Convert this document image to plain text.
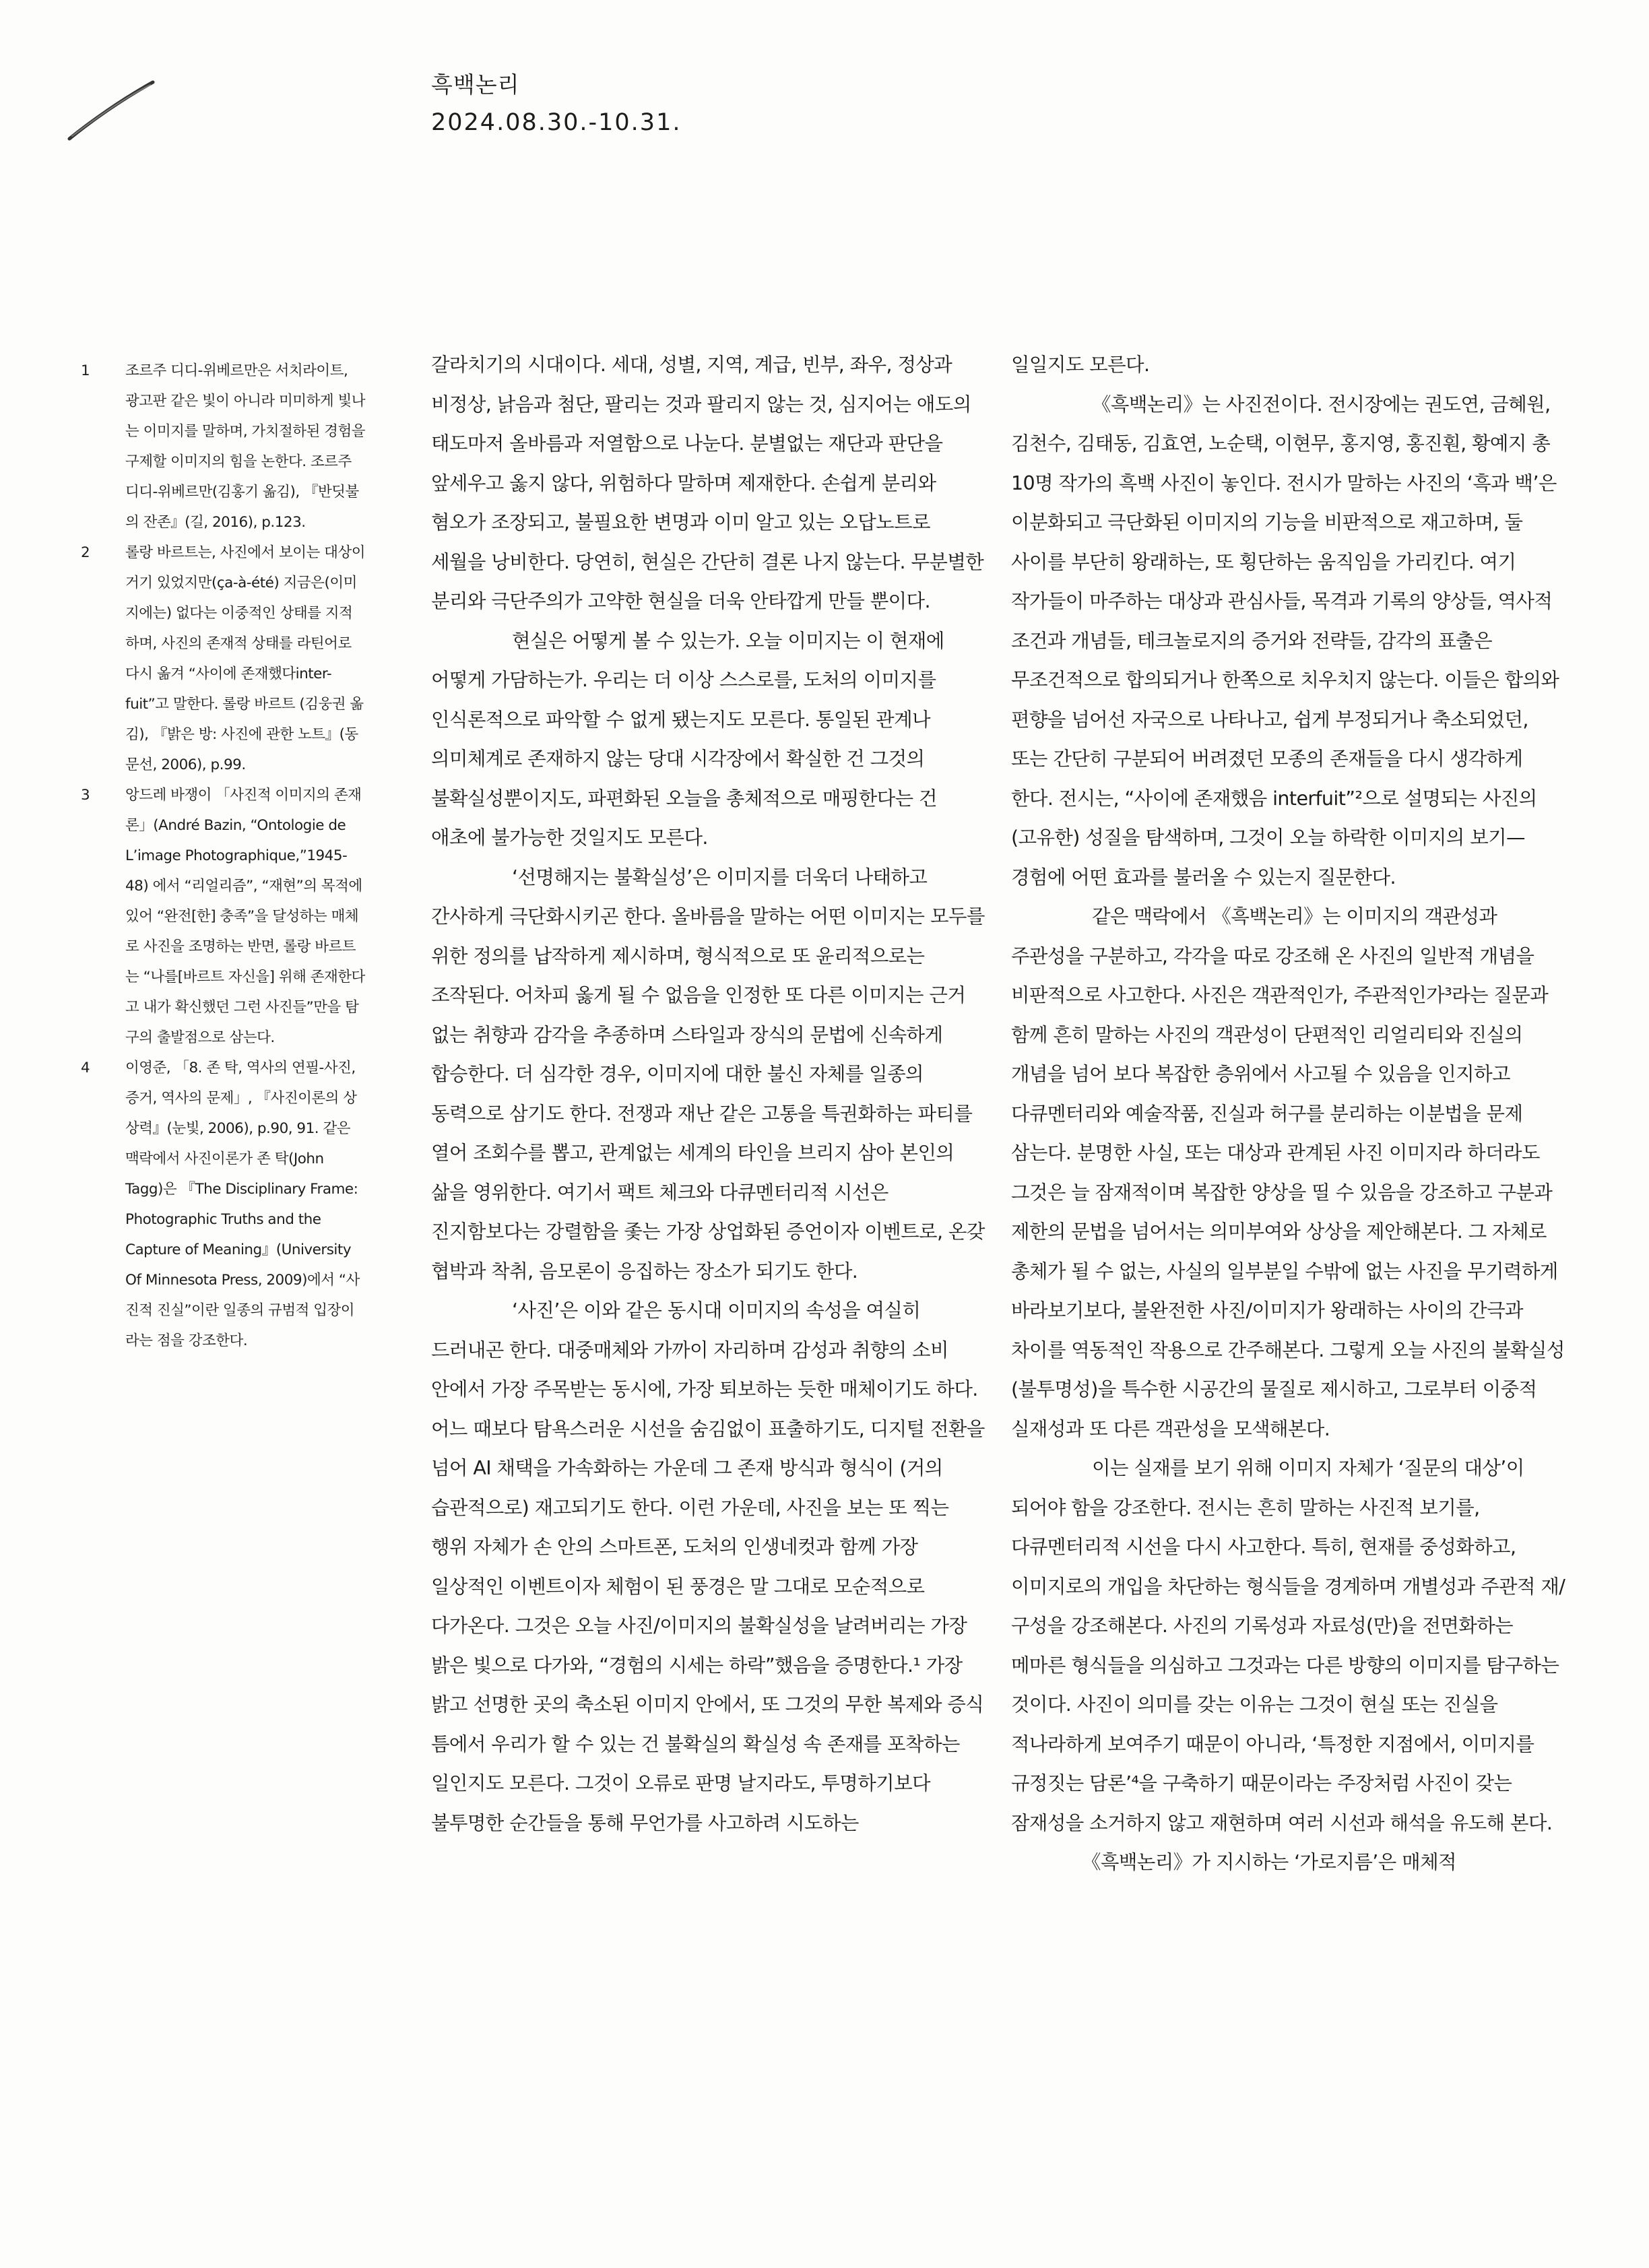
흑백논리
2024.08.30.-10.31.
1	조르주 디디-위베르만은 서치라이트, 광고판 같은 빛이 아니라 미미하게 빛나는 이미지를 말하며, 가치절하된 경험을 구제할 이미지의 힘을 논한다. 조르주 디디-위베르만(김홍기 옮김), 『반딧불의 잔존』(길, 2016), p.123.
2	롤랑 바르트는, 사진에서 보이는 대상이 거기 있었지만(ça-à-été) 지금은(이미지에는) 없다는 이중적인 상태를 지적하며, 사진의 존재적 상태를 라틴어로 다시 옮겨 “사이에 존재했다inter-fuit”고 말한다. 롤랑 바르트 (김웅권 옮김), 『밝은 방: 사진에 관한 노트』(동문선, 2006), p.99.
3	앙드레 바쟁이 「사진적 이미지의 존재론」(André Bazin, “Ontologie de L’image Photographique,”1945-48) 에서 “리얼리즘”, “재현”의 목적에 있어 “완전[한] 충족”을 달성하는 매체로 사진을 조명하는 반면, 롤랑 바르트는 “나를[바르트 자신을] 위해 존재한다고 내가 확신했던 그런 사진들”만을 탐구의 출발점으로 삼는다.
4	이영준, 「8. 존 탁, 역사의 연필-사진, 증거, 역사의 문제」, 『사진이론의 상상력』(눈빛, 2006), p.90, 91. 같은 맥락에서 사진이론가 존 탁(John Tagg)은 『The Disciplinary Frame: Photographic Truths and the Capture of Meaning』(University Of Minnesota Press, 2009)에서 “사진적 진실”이란 일종의 규범적 입장이라는 점을 강조한다.

갈라치기의 시대이다. 세대, 성별, 지역, 계급, 빈부, 좌우, 정상과 비정상, 낡음과 첨단, 팔리는 것과 팔리지 않는 것, 심지어는 애도의 태도마저 올바름과 저열함으로 나눈다. 분별없는 재단과 판단을 앞세우고 옳지 않다, 위험하다 말하며 제재한다. 손쉽게 분리와 혐오가 조장되고, 불필요한 변명과 이미 알고 있는 오답노트로 세월을 낭비한다. 당연히, 현실은 간단히 결론 나지 않는다. 무분별한 분리와 극단주의가 고약한 현실을 더욱 안타깝게 만들 뿐이다.

현실은 어떻게 볼 수 있는가. 오늘 이미지는 이 현재에 어떻게 가담하는가. 우리는 더 이상 스스로를, 도처의 이미지를 인식론적으로 파악할 수 없게 됐는지도 모른다. 통일된 관계나 의미체계로 존재하지 않는 당대 시각장에서 확실한 건 그것의 불확실성뿐이지도, 파편화된 오늘을 총체적으로 매핑한다는 건 애초에 불가능한 것일지도 모른다.

‘선명해지는 불확실성’은 이미지를 더욱더 나태하고 간사하게 극단화시키곤 한다. 올바름을 말하는 어떤 이미지는 모두를 위한 정의를 납작하게 제시하며, 형식적으로 또 윤리적으로는 조작된다. 어차피 옳게 될 수 없음을 인정한 또 다른 이미지는 근거 없는 취향과 감각을 추종하며 스타일과 장식의 문법에 신속하게 합승한다. 더 심각한 경우, 이미지에 대한 불신 자체를 일종의 동력으로 삼기도 한다. 전쟁과 재난 같은 고통을 특권화하는 파티를 열어 조회수를 뽑고, 관계없는 세계의 타인을 브리지 삼아 본인의 삶을 영위한다. 여기서 팩트 체크와 다큐멘터리적 시선은 진지함보다는 강렬함을 좇는 가장 상업화된 증언이자 이벤트로, 온갖 협박과 착취, 음모론이 응집하는 장소가 되기도 한다.

‘사진’은 이와 같은 동시대 이미지의 속성을 여실히 드러내곤 한다. 대중매체와 가까이 자리하며 감성과 취향의 소비 안에서 가장 주목받는 동시에, 가장 퇴보하는 듯한 매체이기도 하다. 어느 때보다 탐욕스러운 시선을 숨김없이 표출하기도, 디지털 전환을 넘어 AI 채택을 가속화하는 가운데 그 존재 방식과 형식이 (거의 습관적으로) 재고되기도 한다. 이런 가운데, 사진을 보는 또 찍는 행위 자체가 손 안의 스마트폰, 도처의 인생네컷과 함께 가장 일상적인 이벤트이자 체험이 된 풍경은 말 그대로 모순적으로 다가온다. 그것은 오늘 사진/이미지의 불확실성을 날려버리는 가장 밝은 빛으로 다가와, “경험의 시세는 하락”했음을 증명한다.¹ 가장 밝고 선명한 곳의 축소된 이미지 안에서, 또 그것의 무한 복제와 증식 틈에서 우리가 할 수 있는 건 불확실의 확실성 속 존재를 포착하는 일인지도 모른다. 그것이 오류로 판명 날지라도, 투명하기보다 불투명한 순간들을 통해 무언가를 사고하려 시도하는

일일지도 모른다.

《흑백논리》는 사진전이다. 전시장에는 권도연, 금혜원, 김천수, 김태동, 김효연, 노순택, 이현무, 홍지영, 홍진훤, 황예지 총 10명 작가의 흑백 사진이 놓인다. 전시가 말하는 사진의 ‘흑과 백’은 이분화되고 극단화된 이미지의 기능을 비판적으로 재고하며, 둘 사이를 부단히 왕래하는, 또 횡단하는 움직임을 가리킨다. 여기 작가들이 마주하는 대상과 관심사들, 목격과 기록의 양상들, 역사적 조건과 개념들, 테크놀로지의 증거와 전략들, 감각의 표출은 무조건적으로 합의되거나 한쪽으로 치우치지 않는다. 이들은 합의와 편향을 넘어선 자국으로 나타나고, 쉽게 부정되거나 축소되었던, 또는 간단히 구분되어 버려졌던 모종의 존재들을 다시 생각하게 한다. 전시는, “사이에 존재했음 interfuit”²으로 설명되는 사진의 (고유한) 성질을 탐색하며, 그것이 오늘 하락한 이미지의 보기—경험에 어떤 효과를 불러올 수 있는지 질문한다.

같은 맥락에서 《흑백논리》는 이미지의 객관성과 주관성을 구분하고, 각각을 따로 강조해 온 사진의 일반적 개념을 비판적으로 사고한다. 사진은 객관적인가, 주관적인가³라는 질문과 함께 흔히 말하는 사진의 객관성이 단편적인 리얼리티와 진실의 개념을 넘어 보다 복잡한 층위에서 사고될 수 있음을 인지하고 다큐멘터리와 예술작품, 진실과 허구를 분리하는 이분법을 문제 삼는다. 분명한 사실, 또는 대상과 관계된 사진 이미지라 하더라도 그것은 늘 잠재적이며 복잡한 양상을 띨 수 있음을 강조하고 구분과 제한의 문법을 넘어서는 의미부여와 상상을 제안해본다. 그 자체로 총체가 될 수 없는, 사실의 일부분일 수밖에 없는 사진을 무기력하게 바라보기보다, 불완전한 사진/이미지가 왕래하는 사이의 간극과 차이를 역동적인 작용으로 간주해본다. 그렇게 오늘 사진의 불확실성(불투명성)을 특수한 시공간의 물질로 제시하고, 그로부터 이중적 실재성과 또 다른 객관성을 모색해본다.

이는 실재를 보기 위해 이미지 자체가 ‘질문의 대상’이 되어야 함을 강조한다. 전시는 흔히 말하는 사진적 보기를, 다큐멘터리적 시선을 다시 사고한다. 특히, 현재를 중성화하고, 이미지로의 개입을 차단하는 형식들을 경계하며 개별성과 주관적 재/구성을 강조해본다. 사진의 기록성과 자료성(만)을 전면화하는 메마른 형식들을 의심하고 그것과는 다른 방향의 이미지를 탐구하는 것이다. 사진이 의미를 갖는 이유는 그것이 현실 또는 진실을 적나라하게 보여주기 때문이 아니라, ‘특정한 지점에서, 이미지를 규정짓는 담론’⁴을 구축하기 때문이라는 주장처럼 사진이 갖는 잠재성을 소거하지 않고 재현하며 여러 시선과 해석을 유도해 본다.

《흑백논리》가 지시하는 ‘가로지름’은 매체적
